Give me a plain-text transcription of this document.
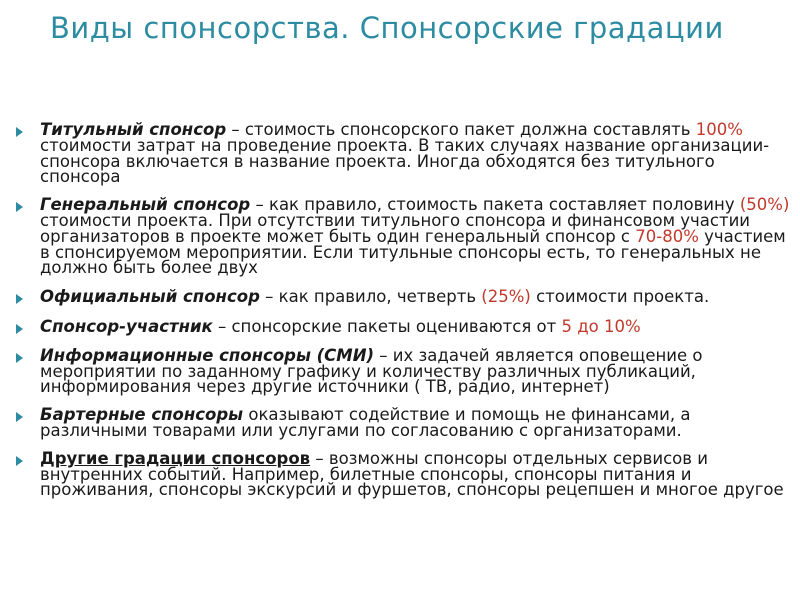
Виды спонсорства. Спонсорские градации
Титульный спонсор – стоимость спонсорского пакет должна составлять 100% стоимости затрат на проведение проекта. В таких случаях название организации-спонсора включается в название проекта. Иногда обходятся без титульного спонсора
Генеральный спонсор – как правило, стоимость пакета составляет половину (50%) стоимости проекта. При отсутствии титульного спонсора и финансовом участии организаторов в проекте может быть один генеральный спонсор с 70-80% участием в спонсируемом мероприятии. Если титульные спонсоры есть, то генеральных не должно быть более двух
Официальный спонсор – как правило, четверть (25%) стоимости проекта.
Спонсор-участник – спонсорские пакеты оцениваются от 5 до 10%
Информационные спонсоры (СМИ) – их задачей является оповещение о мероприятии по заданному графику и количеству различных публикаций, информирования через другие источники ( ТВ, радио, интернет)
Бартерные спонсоры оказывают содействие и помощь не финансами, а различными товарами или услугами по согласованию с организаторами.
Другие градации спонсоров – возможны спонсоры отдельных сервисов и внутренних событий. Например, билетные спонсоры, спонсоры питания и проживания, спонсоры экскурсий и фуршетов, спонсоры рецепшен и многое другое
